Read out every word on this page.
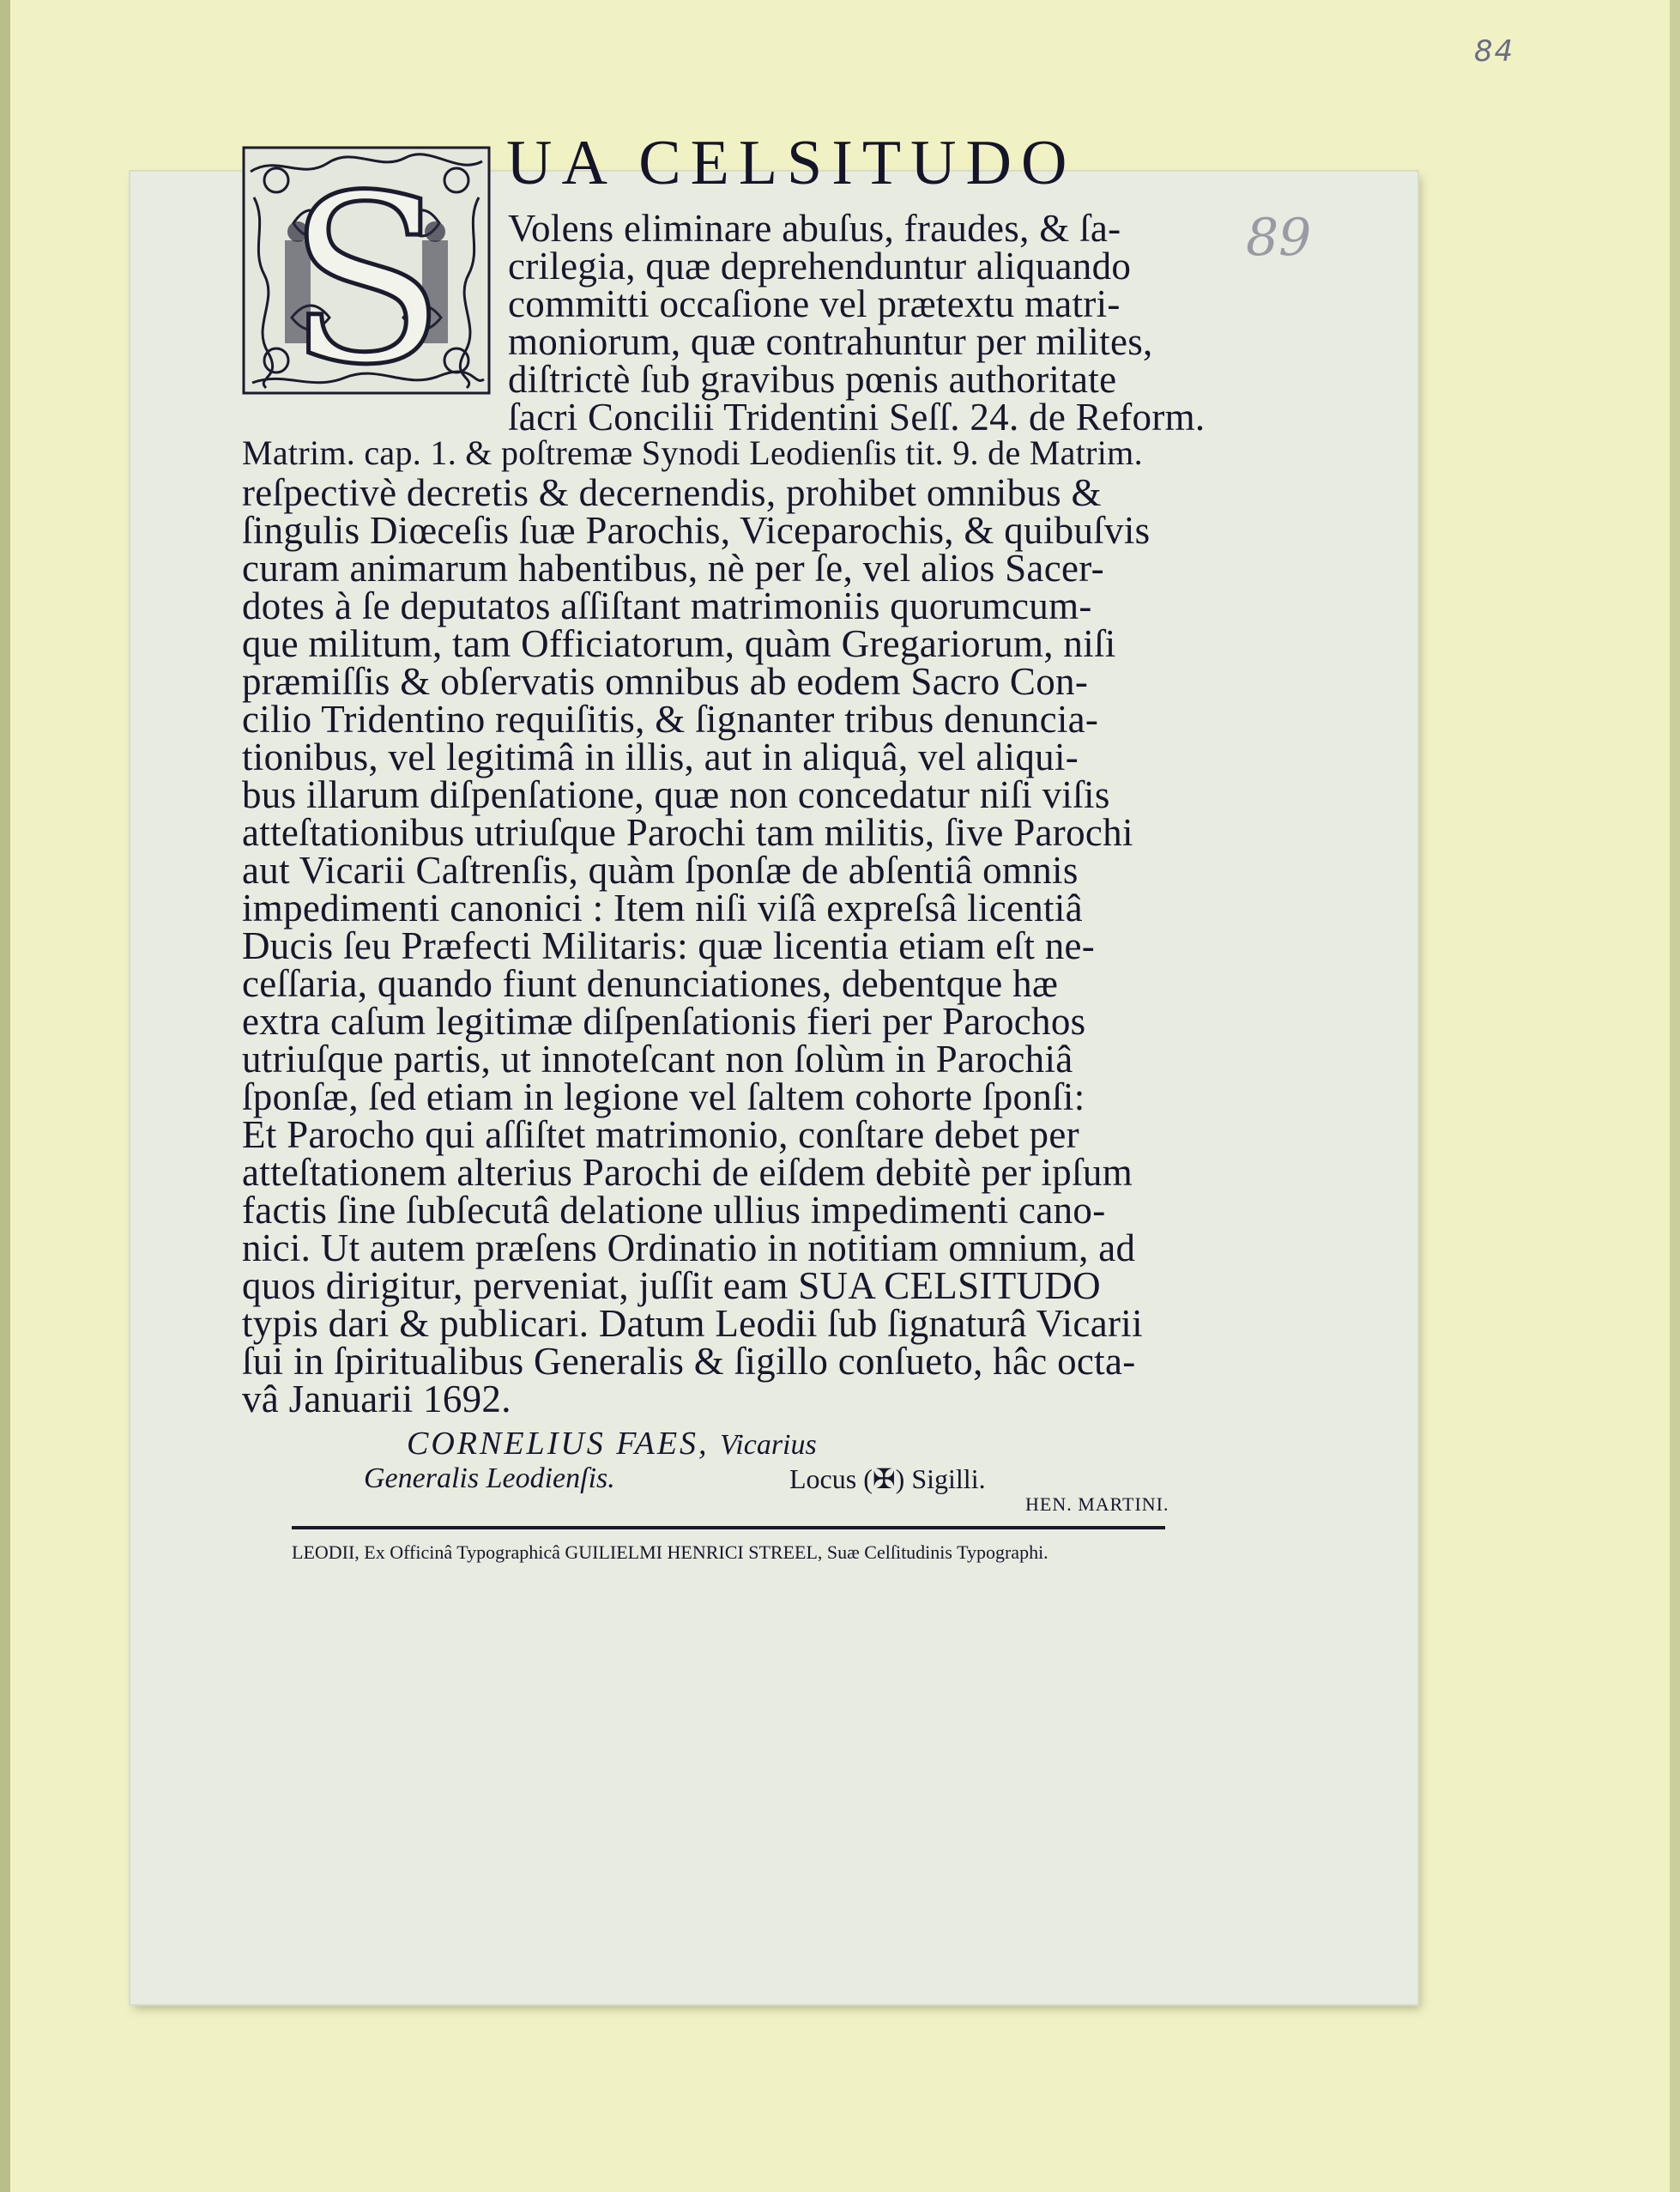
84
89
S UA CELSITUDO
Volens eliminare abuſus, fraudes, & ſa-
crilegia, quæ deprehenduntur aliquando
committi occaſione vel prætextu matri-
moniorum, quæ contrahuntur per milites,
diſtrictè ſub gravibus pœnis authoritate
ſacri Concilii Tridentini Seſſ. 24. de Reform.
Matrim. cap. 1. & poſtremæ Synodi Leodienſis tit. 9. de Matrim.
reſpectivè decretis & decernendis, prohibet omnibus &
ſingulis Diœceſis ſuæ Parochis, Viceparochis, & quibuſvis
curam animarum habentibus, nè per ſe, vel alios Sacer-
dotes à ſe deputatos aſſiſtant matrimoniis quorumcum-
que militum, tam Officiatorum, quàm Gregariorum, niſi
præmiſſis & obſervatis omnibus ab eodem Sacro Con-
cilio Tridentino requiſitis, & ſignanter tribus denuncia-
tionibus, vel legitimâ in illis, aut in aliquâ, vel aliqui-
bus illarum diſpenſatione, quæ non concedatur niſi viſis
atteſtationibus utriuſque Parochi tam militis, ſive Parochi
aut Vicarii Caſtrenſis, quàm ſponſæ de abſentiâ omnis
impedimenti canonici : Item niſi viſâ expreſsâ licentiâ
Ducis ſeu Præfecti Militaris: quæ licentia etiam eſt ne-
ceſſaria, quando fiunt denunciationes, debentque hæ
extra caſum legitimæ diſpenſationis fieri per Parochos
utriuſque partis, ut innoteſcant non ſolùm in Parochiâ
ſponſæ, ſed etiam in legione vel ſaltem cohorte ſponſi:
Et Parocho qui aſſiſtet matrimonio, conſtare debet per
atteſtationem alterius Parochi de eiſdem debitè per ipſum
factis ſine ſubſecutâ delatione ullius impedimenti cano-
nici. Ut autem præſens Ordinatio in notitiam omnium, ad
quos dirigitur, perveniat, juſſit eam SUA CELSITUDO
typis dari & publicari. Datum Leodii ſub ſignaturâ Vicarii
ſui in ſpiritualibus Generalis & ſigillo conſueto, hâc octa-
vâ Januarii 1692.
CORNELIUS FAES, Vicarius
Generalis Leodienſis.	Locus (✠) Sigilli.
HEN. MARTINI.
LEODII, Ex Officinâ Typographicâ GUILIELMI HENRICI STREEL, Suæ Celſitudinis Typographi.
